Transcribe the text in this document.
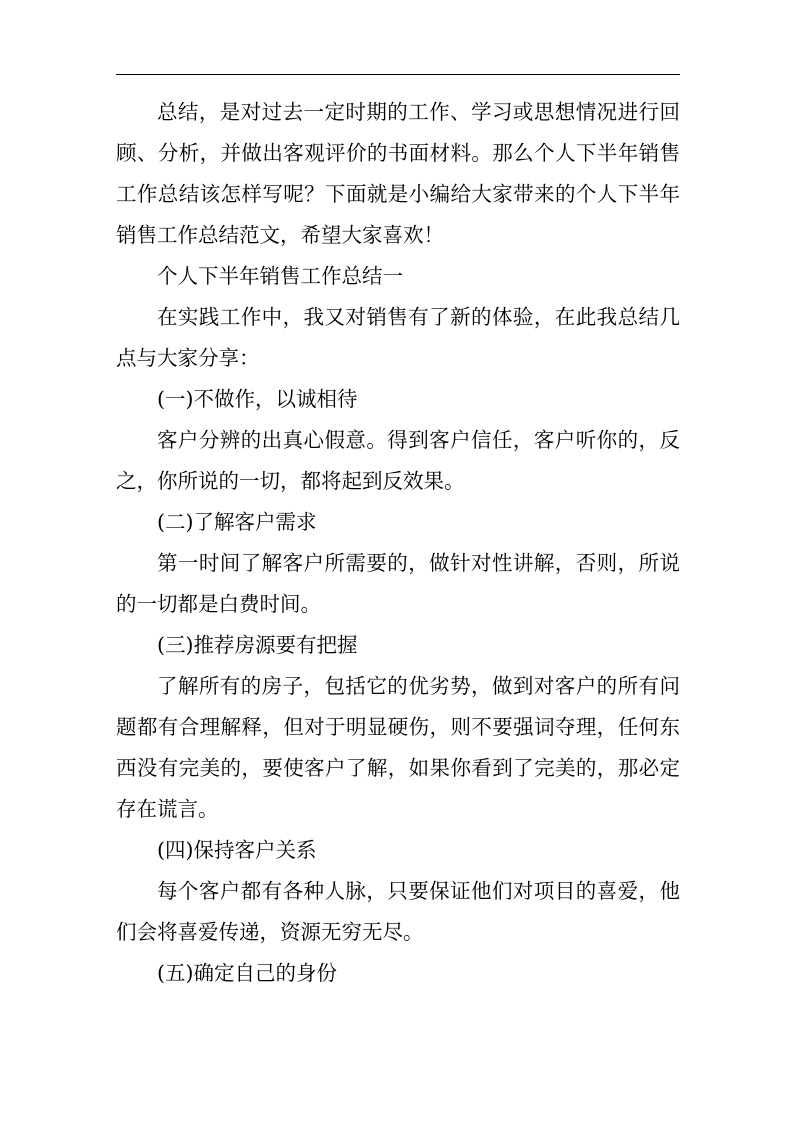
总结，是对过去一定时期的工作、学习或思想情况进行回顾、分析，并做出客观评价的书面材料。那么个人下半年销售工作总结该怎样写呢？下面就是小编给大家带来的个人下半年销售工作总结范文，希望大家喜欢！

个人下半年销售工作总结一

在实践工作中，我又对销售有了新的体验，在此我总结几点与大家分享：

(一)不做作，以诚相待

客户分辨的出真心假意。得到客户信任，客户听你的，反之，你所说的一切，都将起到反效果。

(二)了解客户需求

第一时间了解客户所需要的，做针对性讲解，否则，所说的一切都是白费时间。

(三)推荐房源要有把握

了解所有的房子，包括它的优劣势，做到对客户的所有问题都有合理解释，但对于明显硬伤，则不要强词夺理，任何东西没有完美的，要使客户了解，如果你看到了完美的，那必定存在谎言。

(四)保持客户关系

每个客户都有各种人脉，只要保证他们对项目的喜爱，他们会将喜爱传递，资源无穷无尽。

(五)确定自己的身份
